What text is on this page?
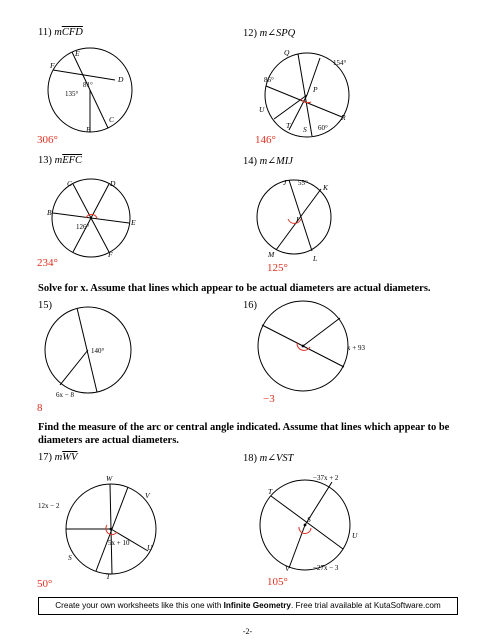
11) $m\overline{CFD}$	12) m∠SPQ
13) $m\overline{EFC}$	14) m∠MIJ
Solve for x. Assume that lines which appear to be actual diameters are actual diameters.
15)	16)
Find the measure of the arc or central angle indicated. Assume that lines which appear to be diameters are actual diameters.
17) $m\overline{WV}$	18) m∠VST
306°	146°
234°	125°
8
−3
50°	105°
E
F
D
C
B
81°
135°
Q
154°
86°
P
U
T S 60°
R
C	D
B
E
126°
F
J 55° K
I
M	L
140°
6x − 8
x + 93
W
V
12x − 2
5x + 10 U
S
T
−37x + 2
T
S
U
V	−27x − 3
Create your own worksheets like this one with Infinite Geometry. Free trial available at KutaSoftware.com
-2-
